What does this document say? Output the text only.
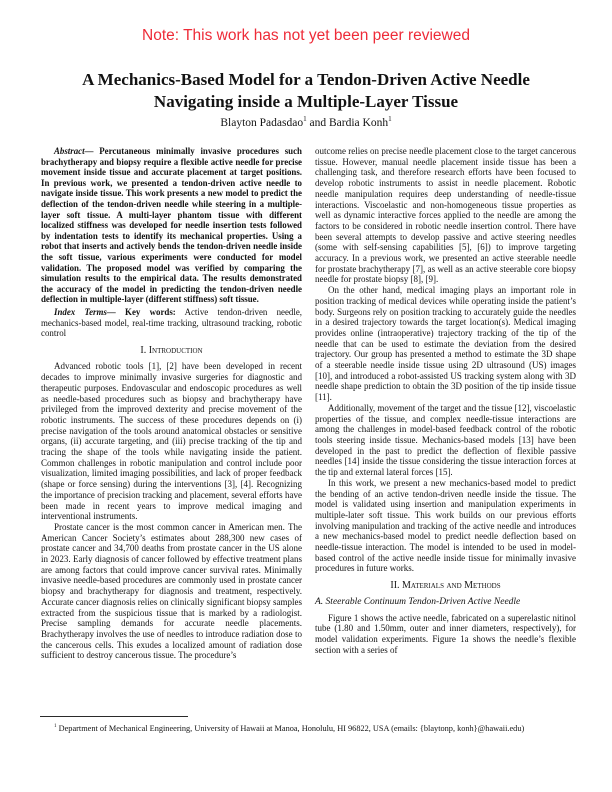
Note: This work has not yet been peer reviewed
A Mechanics-Based Model for a Tendon-Driven Active Needle
Navigating inside a Multiple-Layer Tissue
Blayton Padasdao$^1$ and Bardia Konh$^1$

Abstract— Percutaneous minimally invasive procedures such brachytherapy and biopsy require a flexible active needle for precise movement inside tissue and accurate placement at target positions. In previous work, we presented a tendon-driven active needle to navigate inside tissue. This work presents a new model to predict the deflection of the tendon-driven needle while steering in a multiple-layer soft tissue. A multi-layer phantom tissue with different localized stiffness was developed for needle insertion tests followed by indentation tests to identify its mechanical properties. Using a robot that inserts and actively bends the tendon-driven needle inside the soft tissue, various experiments were conducted for model validation. The proposed model was verified by comparing the simulation results to the empirical data. The results demonstrated the accuracy of the model in predicting the tendon-driven needle deflection in multiple-layer (different stiffness) soft tissue.

Index Terms— Key words: Active tendon-driven needle, mechanics-based model, real-time tracking, ultrasound tracking, robotic control

I. Introduction

Advanced robotic tools [1], [2] have been developed in recent decades to improve minimally invasive surgeries for diagnostic and therapeutic purposes. Endovascular and endoscopic procedures as well as needle-based procedures such as biopsy and brachytherapy have privileged from the improved dexterity and precise movement of the robotic instruments. The success of these procedures depends on (i) precise navigation of the tools around anatomical obstacles or sensitive organs, (ii) accurate targeting, and (iii) precise tracking of the tip and tracing the shape of the tools while navigating inside the patient. Common challenges in robotic manipulation and control include poor visualization, limited imaging possibilities, and lack of proper feedback (shape or force sensing) during the interventions [3], [4]. Recognizing the importance of precision tracking and placement, several efforts have been made in recent years to improve medical imaging and interventional instruments.

Prostate cancer is the most common cancer in American men. The American Cancer Society’s estimates about 288,300 new cases of prostate cancer and 34,700 deaths from prostate cancer in the US alone in 2023. Early diagnosis of cancer followed by effective treatment plans are among factors that could improve cancer survival rates. Minimally invasive needle-based procedures are commonly used in prostate cancer biopsy and brachytherapy for diagnosis and treatment, respectively. Accurate cancer diagnosis relies on clinically significant biopsy samples extracted from the suspicious tissue that is marked by a radiologist. Precise sampling demands for accurate needle placements. Brachytherapy involves the use of needles to introduce radiation dose to the cancerous cells. This exudes a localized amount of radiation dose sufficient to destroy cancerous tissue. The procedure’s

outcome relies on precise needle placement close to the target cancerous tissue. However, manual needle placement inside tissue has been a challenging task, and therefore research efforts have been focused to develop robotic instruments to assist in needle placement. Robotic needle manipulation requires deep understanding of needle-tissue interactions. Viscoelastic and non-homogeneous tissue properties as well as dynamic interactive forces applied to the needle are among the factors to be considered in robotic needle insertion control. There have been several attempts to develop passive and active steering needles (some with self-sensing capabilities [5], [6]) to improve targeting accuracy. In a previous work, we presented an active steerable needle for prostate brachytherapy [7], as well as an active steerable core biopsy needle for prostate biopsy [8], [9].

On the other hand, medical imaging plays an important role in position tracking of medical devices while operating inside the patient’s body. Surgeons rely on position tracking to accurately guide the needles in a desired trajectory towards the target location(s). Medical imaging provides online (intraoperative) trajectory tracking of the tip of the needle that can be used to estimate the deviation from the desired trajectory. Our group has presented a method to estimate the 3D shape of a steerable needle inside tissue using 2D ultrasound (US) images [10], and introduced a robot-assisted US tracking system along with 3D needle shape prediction to obtain the 3D position of the tip inside tissue [11].

Additionally, movement of the target and the tissue [12], viscoelastic properties of the tissue, and complex needle-tissue interactions are among the challenges in model-based feedback control of the robotic tools steering inside tissue. Mechanics-based models [13] have been developed in the past to predict the deflection of flexible passive needles [14] inside the tissue considering the tissue interaction forces at the tip and external lateral forces [15].

In this work, we present a new mechanics-based model to predict the bending of an active tendon-driven needle inside the tissue. The model is validated using insertion and manipulation experiments in multiple-later soft tissue. This work builds on our previous efforts involving manipulation and tracking of the active needle and introduces a new mechanics-based model to predict needle deflection based on needle-tissue interaction. The model is intended to be used in model-based control of the active needle inside tissue for minimally invasive procedures in future works.

II. Materials and Methods

A. Steerable Continuum Tendon-Driven Active Needle

Figure 1 shows the active needle, fabricated on a superelastic nitinol tube (1.80 and 1.50mm, outer and inner diameters, respectively), for model validation experiments. Figure 1a shows the needle’s flexible section with a series of

$^1$ Department of Mechanical Engineering, University of Hawaii at Manoa, Honolulu, HI 96822, USA (emails: {blaytonp, konh}@hawaii.edu)
